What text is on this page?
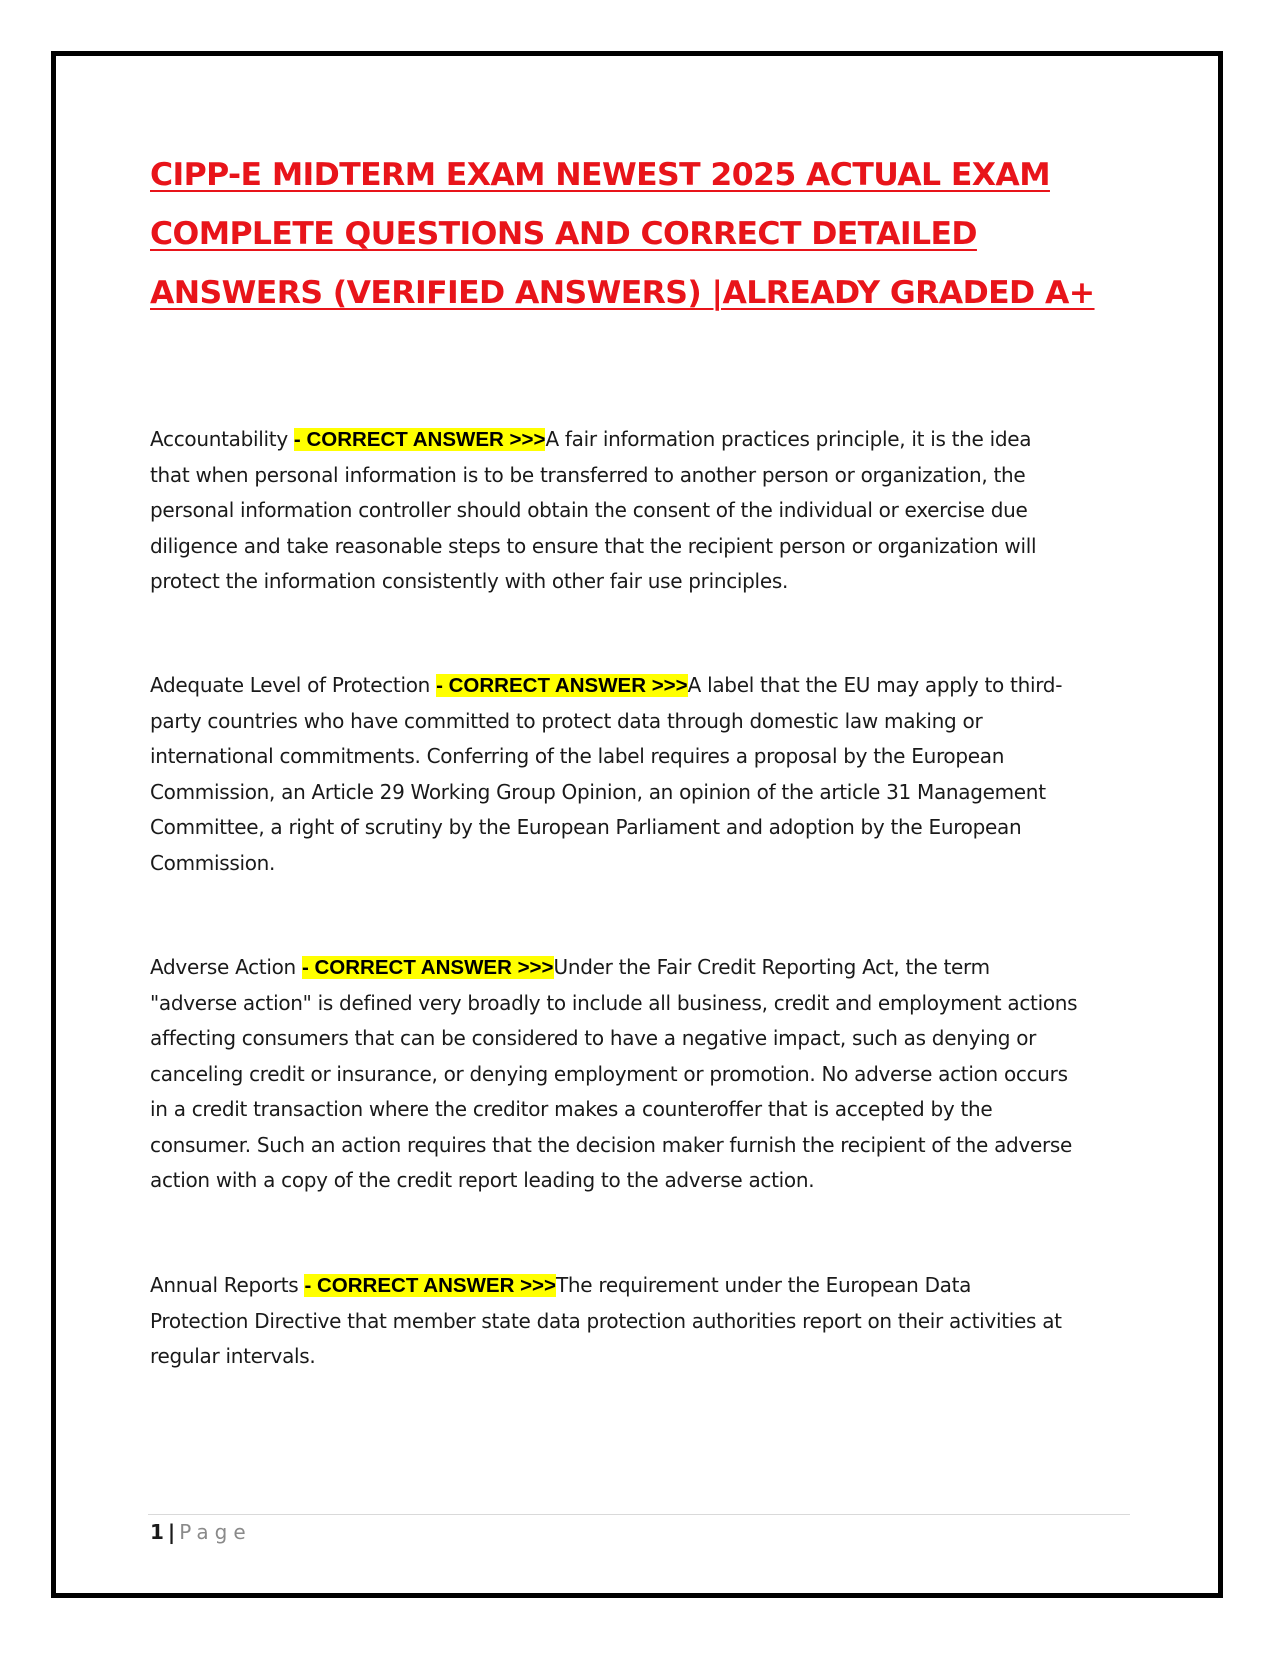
CIPP-E MIDTERM EXAM NEWEST 2025 ACTUAL EXAM
COMPLETE QUESTIONS AND CORRECT DETAILED
ANSWERS (VERIFIED ANSWERS) |ALREADY GRADED A+

Accountability - CORRECT ANSWER >>>A fair information practices principle, it is the idea
that when personal information is to be transferred to another person or organization, the
personal information controller should obtain the consent of the individual or exercise due
diligence and take reasonable steps to ensure that the recipient person or organization will
protect the information consistently with other fair use principles.

Adequate Level of Protection - CORRECT ANSWER >>>A label that the EU may apply to third-
party countries who have committed to protect data through domestic law making or
international commitments. Conferring of the label requires a proposal by the European
Commission, an Article 29 Working Group Opinion, an opinion of the article 31 Management
Committee, a right of scrutiny by the European Parliament and adoption by the European
Commission.

Adverse Action - CORRECT ANSWER >>>Under the Fair Credit Reporting Act, the term
"adverse action" is defined very broadly to include all business, credit and employment actions
affecting consumers that can be considered to have a negative impact, such as denying or
canceling credit or insurance, or denying employment or promotion. No adverse action occurs
in a credit transaction where the creditor makes a counteroffer that is accepted by the
consumer. Such an action requires that the decision maker furnish the recipient of the adverse
action with a copy of the credit report leading to the adverse action.

Annual Reports - CORRECT ANSWER >>>The requirement under the European Data
Protection Directive that member state data protection authorities report on their activities at
regular intervals.

1 | Page
